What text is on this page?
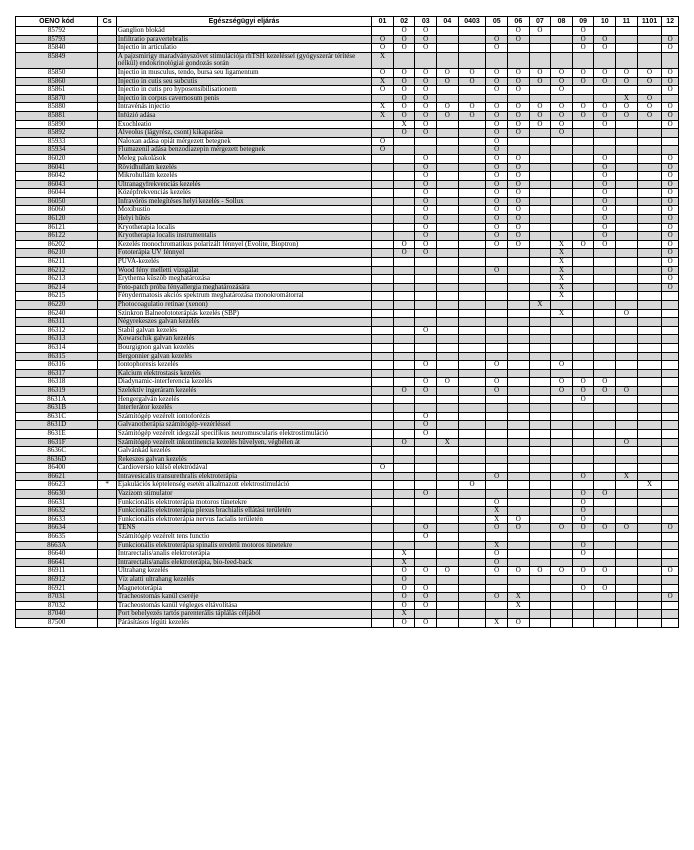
OENO kód	Cs	Egészségügyi eljárás	01	02	03	04	0403	05	06	07	08	09	10	11	1101	12
85792		Ganglion blokád		O	O				O	O		O				
85793		Infiltratio paravertebralis	O	O	O			O	O			O	O			O
85840		Injectio in articulatio	O	O	O			O				O	O			O
85849		A pajzsmirigy maradványszövet stimulációja rhTSH kezeléssel (gyógyszerár térítése nélkül) endokrinológiai gondozás során	X													
85850		Injectio in musculus, tendo, bursa seu ligamentum	O	O	O	O	O	O	O	O	O	O	O	O	O	O
85860		Injectio in cutis seu subcutis	X	O	O	O	O	O	O	O	O	O	O	O	O	O
85861		Injectio in cutis pro hyposensibilisationem	O	O	O			O	O		O					O
85870		Injectio in corpus cavernosum penis		O	O									X	O	
85880		Intravénás injectio	X	O	O	O	O	O	O	O	O	O	O	O	O	O
85881		Infúzió adása	X	O	O	O	O	O	O	O	O	O	O	O	O	O
85890		Exochleatio		X	O			O	O	O	O		O			O
85892		Alveolus (lágyrész, csont) kikaparása		O	O			O	O		O					
85933		Naloxan adása opiát mérgezett betegnek	O					O								
85934		Flumazenil adása benzodiazepin mérgezett betegnek	O					O								
86020		Meleg pakolások			O			O	O				O			O
86041		Rövidhullám kezelés			O			O	O				O			O
86042		Mikrohullám kezelés			O			O	O				O			O
86043		Ultranagyfrekvenciás kezelés			O			O	O				O			O
86044		Középfrekvenciás kezelés			O			O	O				O			O
86050		Infravörös melegítéses helyi kezelés - Sollux			O			O	O				O			O
86060		Moxibustio			O			O	O				O			O
86120		Helyi hűtés			O			O	O				O			O
86121		Kryotherapia localis			O			O	O				O			O
86122		Kryotherapia localis instrumentalis			O			O	O				O			O
86202		Kezelés monochromatikus polarizált fénnyel (Evolite, Bioptron)		O	O			O	O		X	O	O			O
86210		Fototerápia UV fénnyel		O	O						X					O
86211		PUVA-kezelés									X					O
86212		Wood fény melletti vizsgálat						O			X					O
86213		Erythema küszöb meghatározása									X					O
86214		Foto-patch próba fényallergia meghatározására									X					O
86215		Fénydermatosis akciós spektrum meghatározása monokromátorral									X					
86220		Photocoagulatio retinae (xenon)								X						
86240		Szinkron Balneofototerápiás kezelés (SBP)									X			O		
86311		Négyrekeszes galvan kezelés														
86312		Stabil galvan kezelés			O											
86313		Kowarschik galvan kezelés														
86314		Bourgignon galvan kezelés														
86315		Bergonnier galvan kezelés														
86316		Iontophoresis kezelés			O			O			O					
86317		Kalcium elektrostasis kezelés														
86318		Diadynamic-interferencia kezelés			O	O		O			O	O	O			
86319		Szelektív ingeráram kezelés		O	O			O			O	O	O	O		
8631A		Hengergalván kezelés										O				
8631B		Interferátor kezelés														
8631C		Számítógép vezérelt iontoforézis			O											
8631D		Galvanotherápia számítógép-vezérléssel			O											
8631E		Számítógép vezérelt idegszál specifikus neuromuscularis elektrostimuláció			O											
8631F		Számítógép vezérelt inkontinencia kezelés hüvelyen, végbélen át		O		X								O		
8636C		Galvánkád kezelés														
8636D		Rekeszes galvan kezelés														
86400		Cardioversio külső elektródával	O													
86621		Intravesicalis transurethralis elektroterápia						O				O		X		
86623	*	Ejakulációs képtelenség esetén alkalmazott elektrostimuláció					O								X	
86630		Vazizom stimulator			O							O	O			
86631		Funkcionális elektroterápia motoros tünetekre						O				O				
86632		Funkcionális elektroterápia plexus brachialis ellátási területén						X				O				
86633		Funkcionális elektroterápia nervus facialis területén						X	O			O				
86634		TENS			O			O	O		O	O	O	O		O
86635		Számítógép vezérelt tens functio			O											
8663A		Funkcionális elektroterápia spinalis eredetű motoros tünetekre						X				O				
86640		Intrarectalis/analis elektroterápia		X				O				O				
86641		Intrarectalis/analis elektroterápia, bio-feed-back		X				O								
86911		Ultrahang kezelés		O	O	O		O	O	O	O	O	O			O
86912		Víz alatti ultrahang kezelés		O												
86921		Magnetoterápia		O	O							O	O			
87031		Tracheostomás kanül cseréje		O	O			O	X							O
87032		Tracheostomás kanül végleges eltávolítása		O	O				X							
87040		Port behelyezés tartós parenterális táplálás céljából		X												
87500		Párásításos légúti kezelés		O	O			X	O							
